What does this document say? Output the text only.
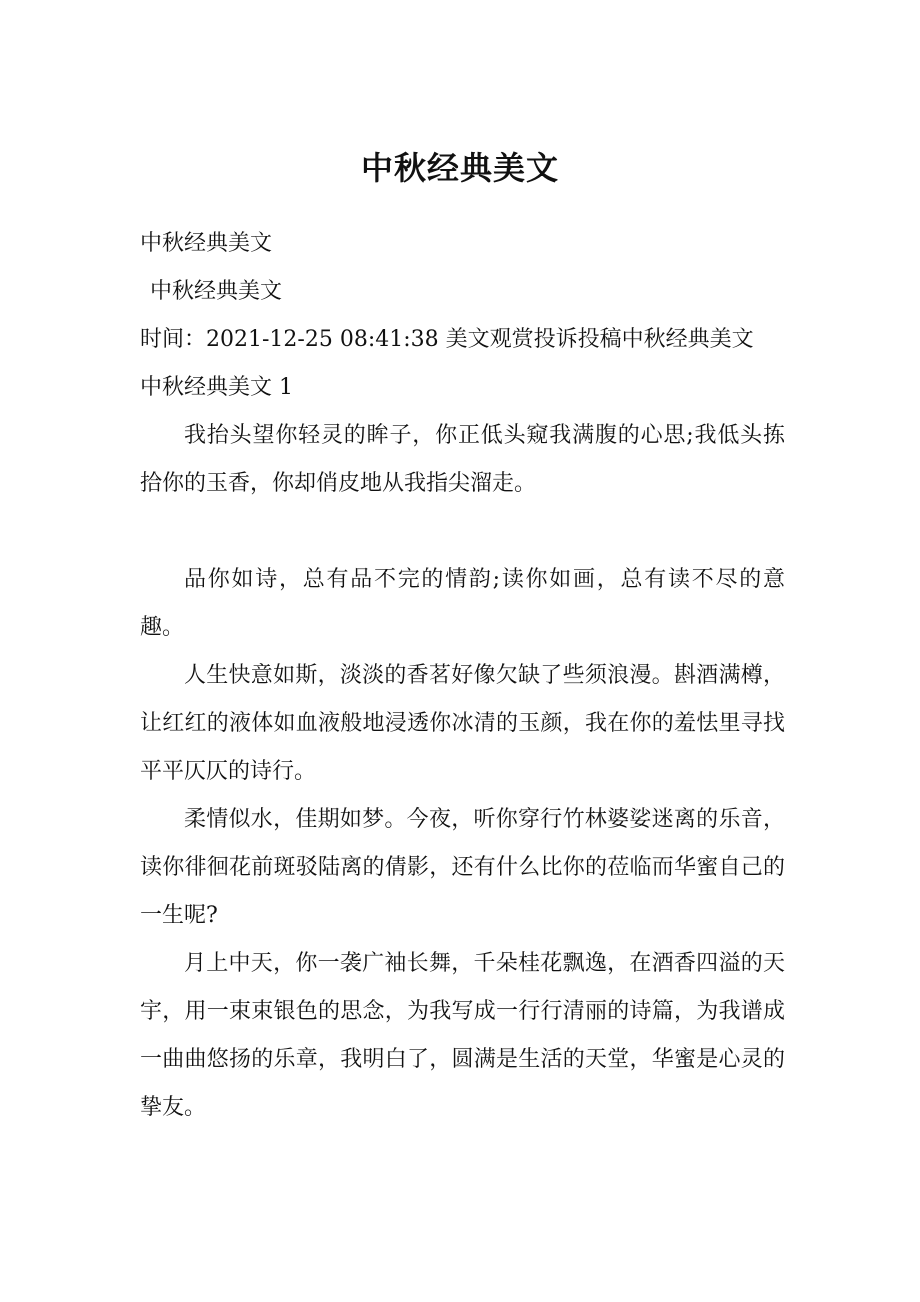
中秋经典美文

中秋经典美文

中秋经典美文

时间：2021-12-25 08:41:38 美文观赏投诉投稿中秋经典美文

中秋经典美文 1

我抬头望你轻灵的眸子，你正低头窥我满腹的心思;我低头拣拾你的玉香，你却俏皮地从我指尖溜走。

品你如诗，总有品不完的情韵;读你如画，总有读不尽的意趣。

人生快意如斯，淡淡的香茗好像欠缺了些须浪漫。斟酒满樽，让红红的液体如血液般地浸透你冰清的玉颜，我在你的羞怯里寻找平平仄仄的诗行。

柔情似水，佳期如梦。今夜，听你穿行竹林婆娑迷离的乐音，读你徘徊花前斑驳陆离的倩影，还有什么比你的莅临而华蜜自己的一生呢?

月上中天，你一袭广袖长舞，千朵桂花飘逸，在酒香四溢的天宇，用一束束银色的思念，为我写成一行行清丽的诗篇，为我谱成一曲曲悠扬的乐章，我明白了，圆满是生活的天堂，华蜜是心灵的挚友。
